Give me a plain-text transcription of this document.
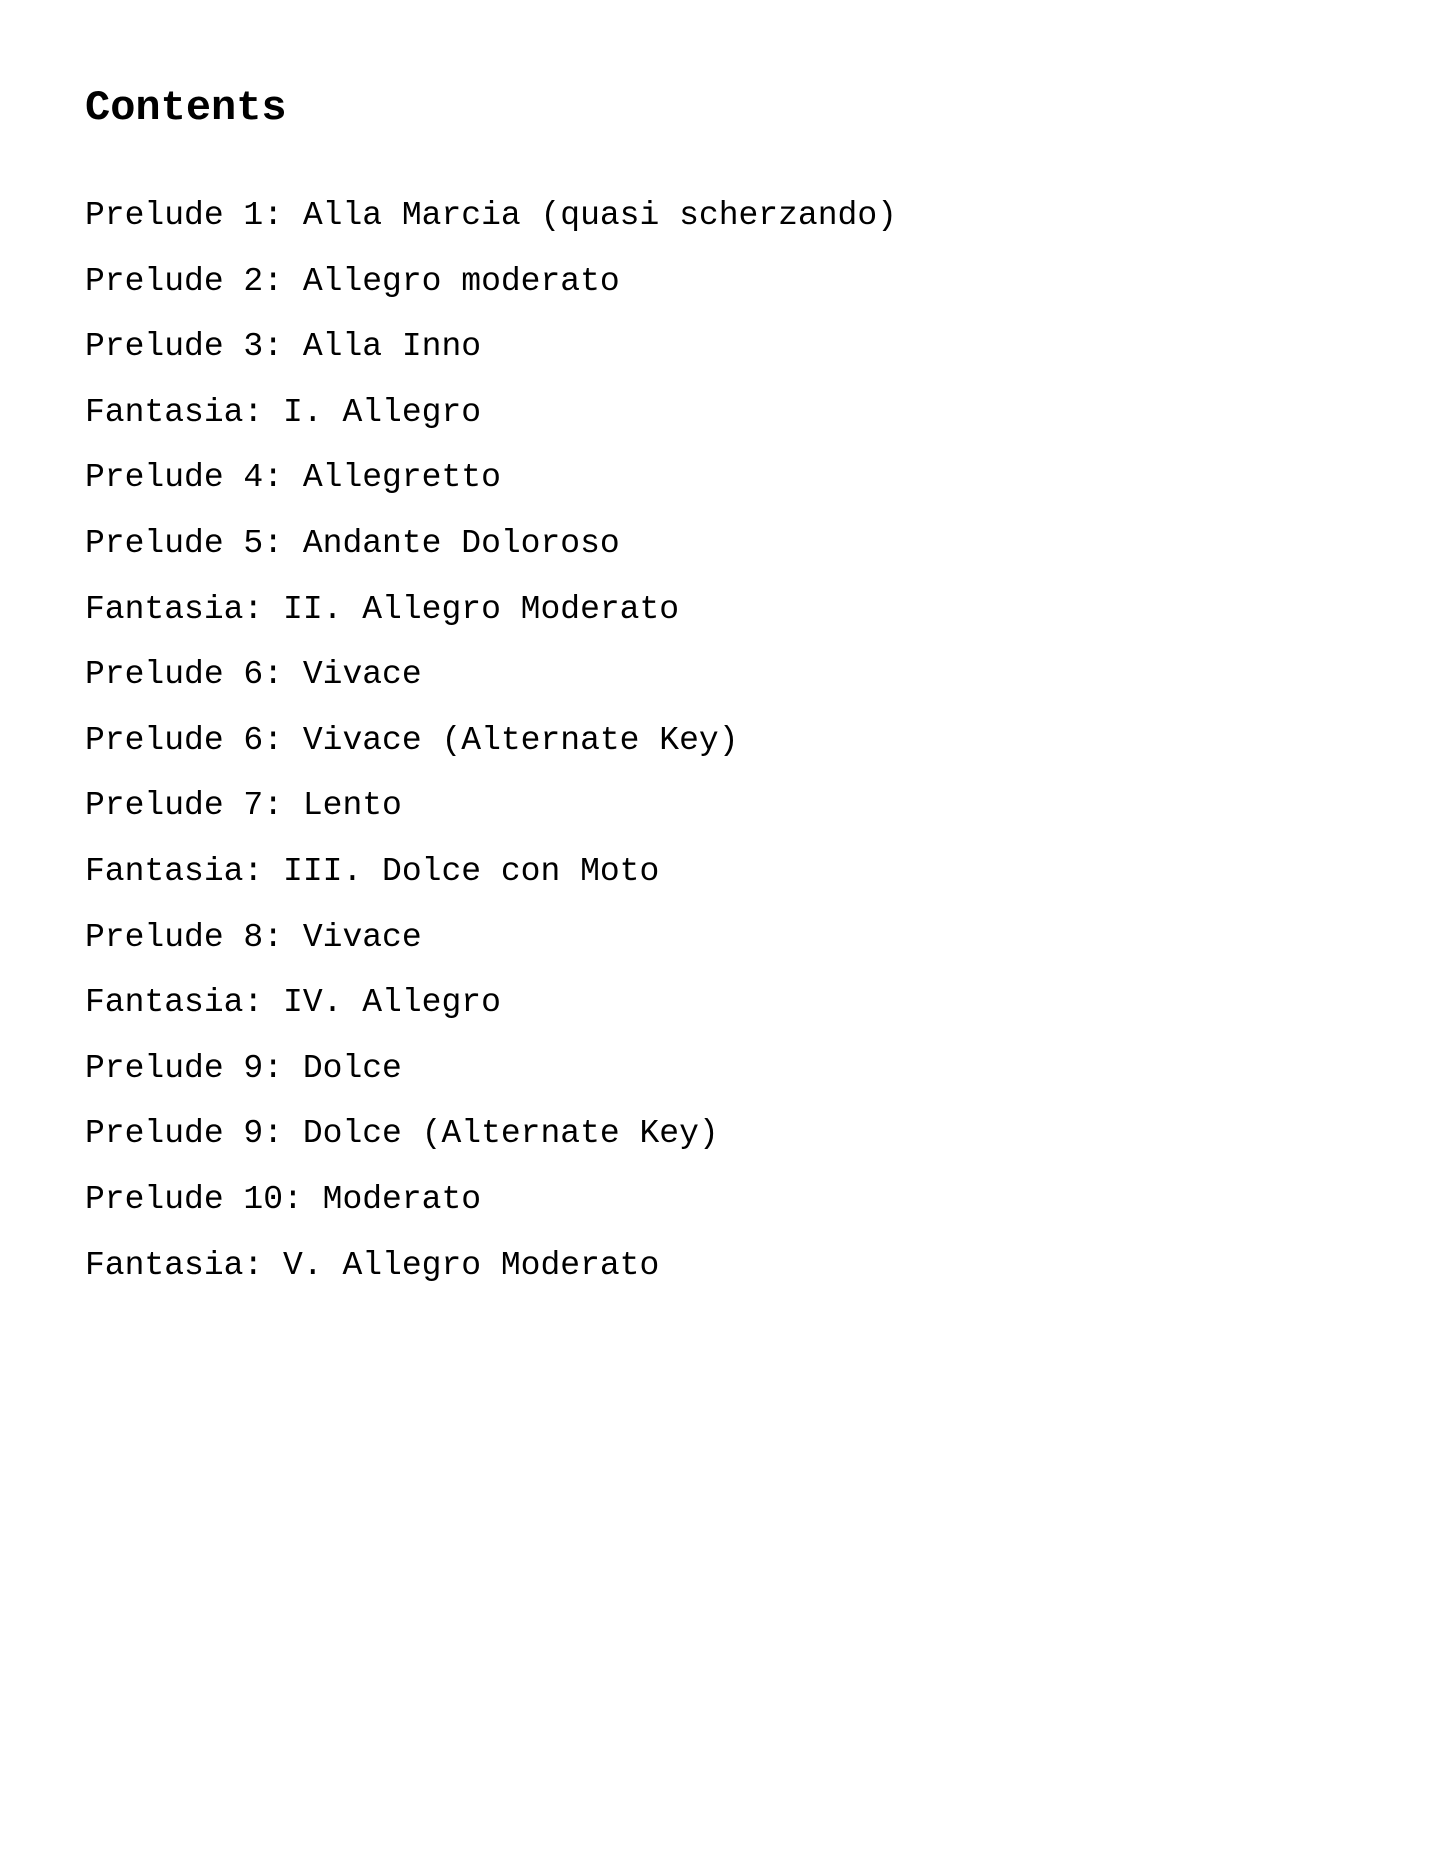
Contents
Prelude 1: Alla Marcia (quasi scherzando)
Prelude 2: Allegro moderato
Prelude 3: Alla Inno
Fantasia: I. Allegro
Prelude 4: Allegretto
Prelude 5: Andante Doloroso
Fantasia: II. Allegro Moderato
Prelude 6: Vivace
Prelude 6: Vivace (Alternate Key)
Prelude 7: Lento
Fantasia: III. Dolce con Moto
Prelude 8: Vivace
Fantasia: IV. Allegro
Prelude 9: Dolce
Prelude 9: Dolce (Alternate Key)
Prelude 10: Moderato
Fantasia: V. Allegro Moderato
